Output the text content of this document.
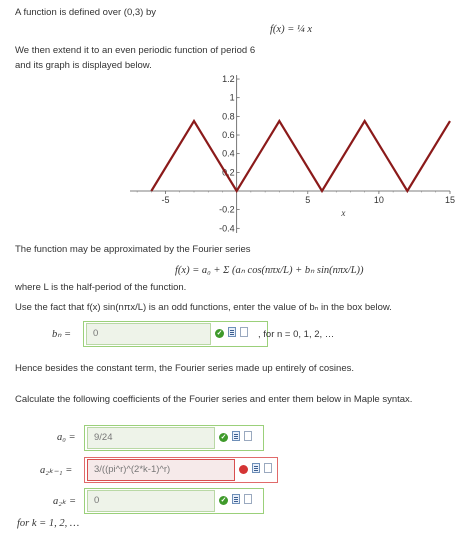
A function is defined over (0,3) by
f(x) = ¼ x
We then extend it to an even periodic function of period 6
and its graph is displayed below.
-5	5	10	15
1.2
1
0.8
0.6
0.4
0.2
-0.2
-0.4
x
The function may be approximated by the Fourier series
f(x) = a₀ + Σ (aₙ cos(nπx/L) + bₙ sin(nπx/L))
where L is the half-period of the function.
Use the fact that f(x) sin(nπx/L) is an odd functions, enter the value of bₙ in the box below.
bₙ =	0	✓	, for n = 0, 1, 2, …
Hence besides the constant term, the Fourier series made up entirely of cosines.
Calculate the following coefficients of the Fourier series and enter them below in Maple syntax.
a₀ =	9/24	✓
a₂ₖ₋₁ =	3/((pi^r)^(2*k-1)^r)
a₂ₖ =	0	✓
for k = 1, 2, …
